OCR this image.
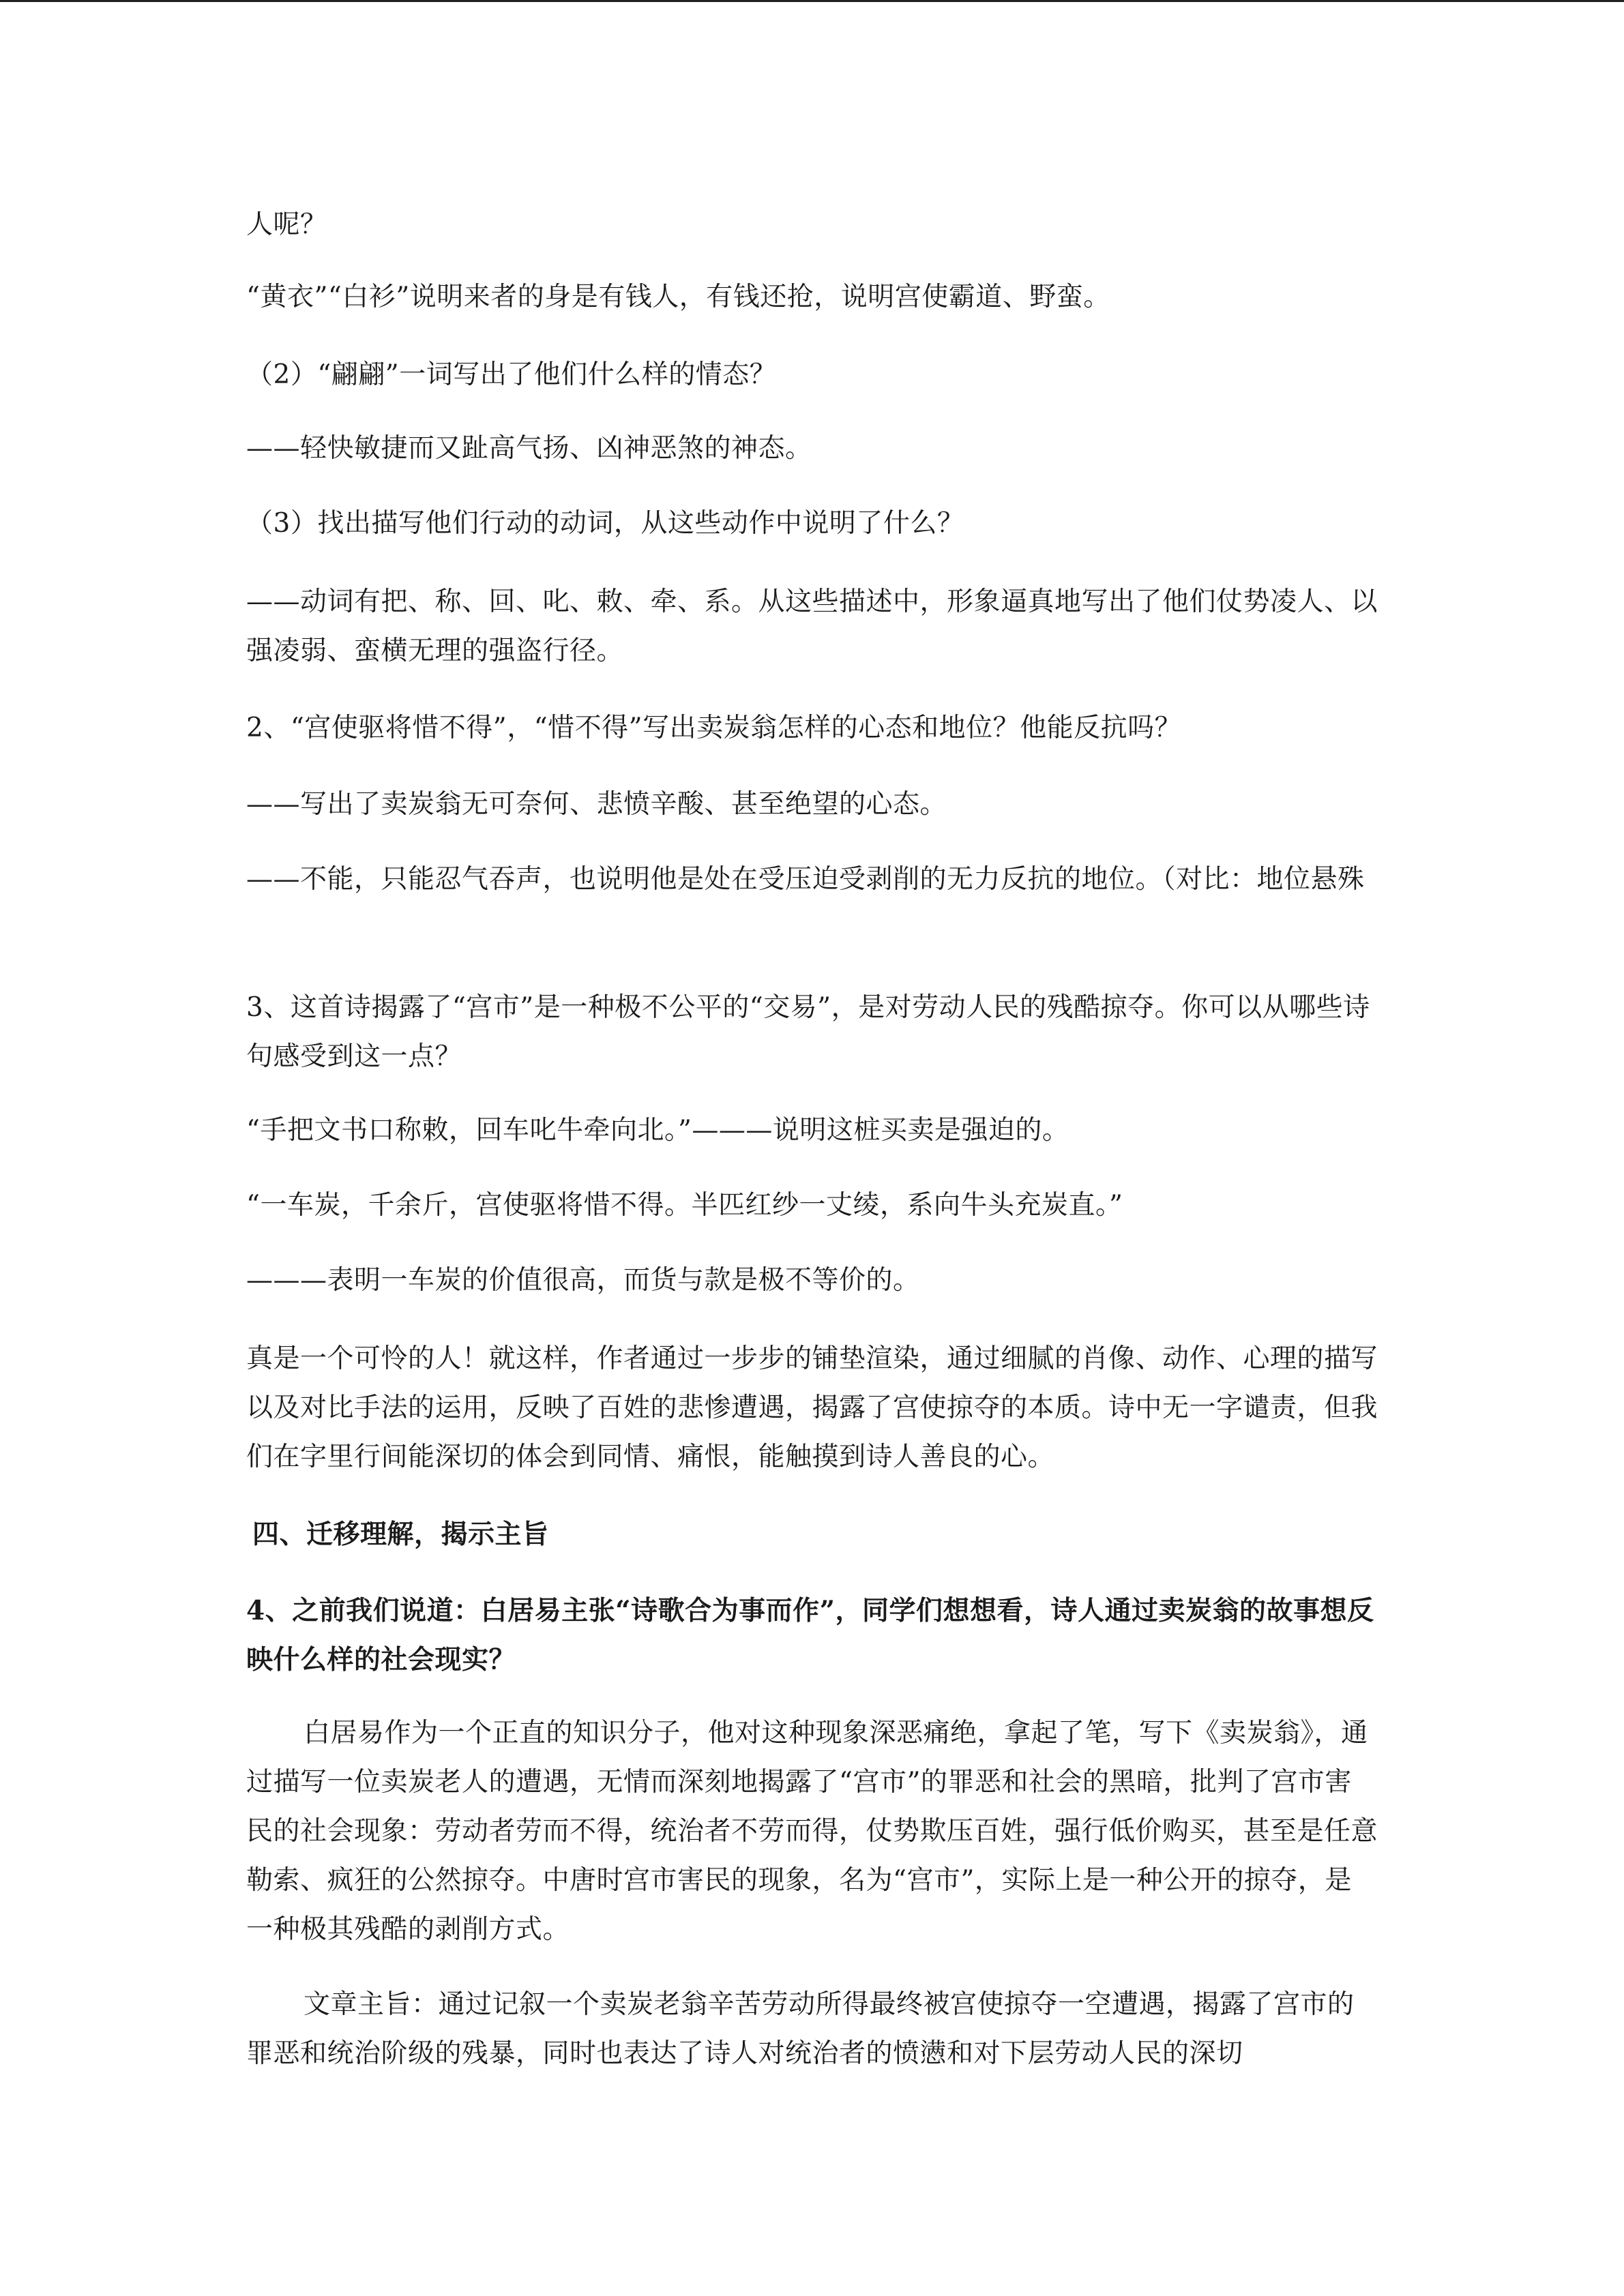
人呢？

“黄衣”“白衫”说明来者的身是有钱人，有钱还抢，说明宫使霸道、野蛮。

（2）“翩翩”一词写出了他们什么样的情态？

——轻快敏捷而又趾高气扬、凶神恶煞的神态。

（3）找出描写他们行动的动词，从这些动作中说明了什么？

——动词有把、称、回、叱、敕、牵、系。从这些描述中，形象逼真地写出了他们仗势凌人、以强凌弱、蛮横无理的强盗行径。

2、“宫使驱将惜不得”，“惜不得”写出卖炭翁怎样的心态和地位？他能反抗吗？

——写出了卖炭翁无可奈何、悲愤辛酸、甚至绝望的心态。

——不能，只能忍气吞声，也说明他是处在受压迫受剥削的无力反抗的地位。（对比：地位悬殊

3、这首诗揭露了“宫市”是一种极不公平的“交易”，是对劳动人民的残酷掠夺。你可以从哪些诗句感受到这一点？

“手把文书口称敕，回车叱牛牵向北。”———说明这桩买卖是强迫的。

“一车炭，千余斤，宫使驱将惜不得。半匹红纱一丈绫，系向牛头充炭直。”

———表明一车炭的价值很高，而货与款是极不等价的。

真是一个可怜的人！就这样，作者通过一步步的铺垫渲染，通过细腻的肖像、动作、心理的描写以及对比手法的运用，反映了百姓的悲惨遭遇，揭露了宫使掠夺的本质。诗中无一字谴责，但我们在字里行间能深切的体会到同情、痛恨，能触摸到诗人善良的心。

四、迁移理解，揭示主旨

4、之前我们说道：白居易主张“诗歌合为事而作”，同学们想想看，诗人通过卖炭翁的故事想反映什么样的社会现实？

白居易作为一个正直的知识分子，他对这种现象深恶痛绝，拿起了笔，写下《卖炭翁》，通过描写一位卖炭老人的遭遇，无情而深刻地揭露了“宫市”的罪恶和社会的黑暗，批判了宫市害民的社会现象：劳动者劳而不得，统治者不劳而得，仗势欺压百姓，强行低价购买，甚至是任意勒索、疯狂的公然掠夺。中唐时宫市害民的现象，名为“宫市”，实际上是一种公开的掠夺，是一种极其残酷的剥削方式。

文章主旨：通过记叙一个卖炭老翁辛苦劳动所得最终被宫使掠夺一空遭遇，揭露了宫市的罪恶和统治阶级的残暴，同时也表达了诗人对统治者的愤懑和对下层劳动人民的深切
